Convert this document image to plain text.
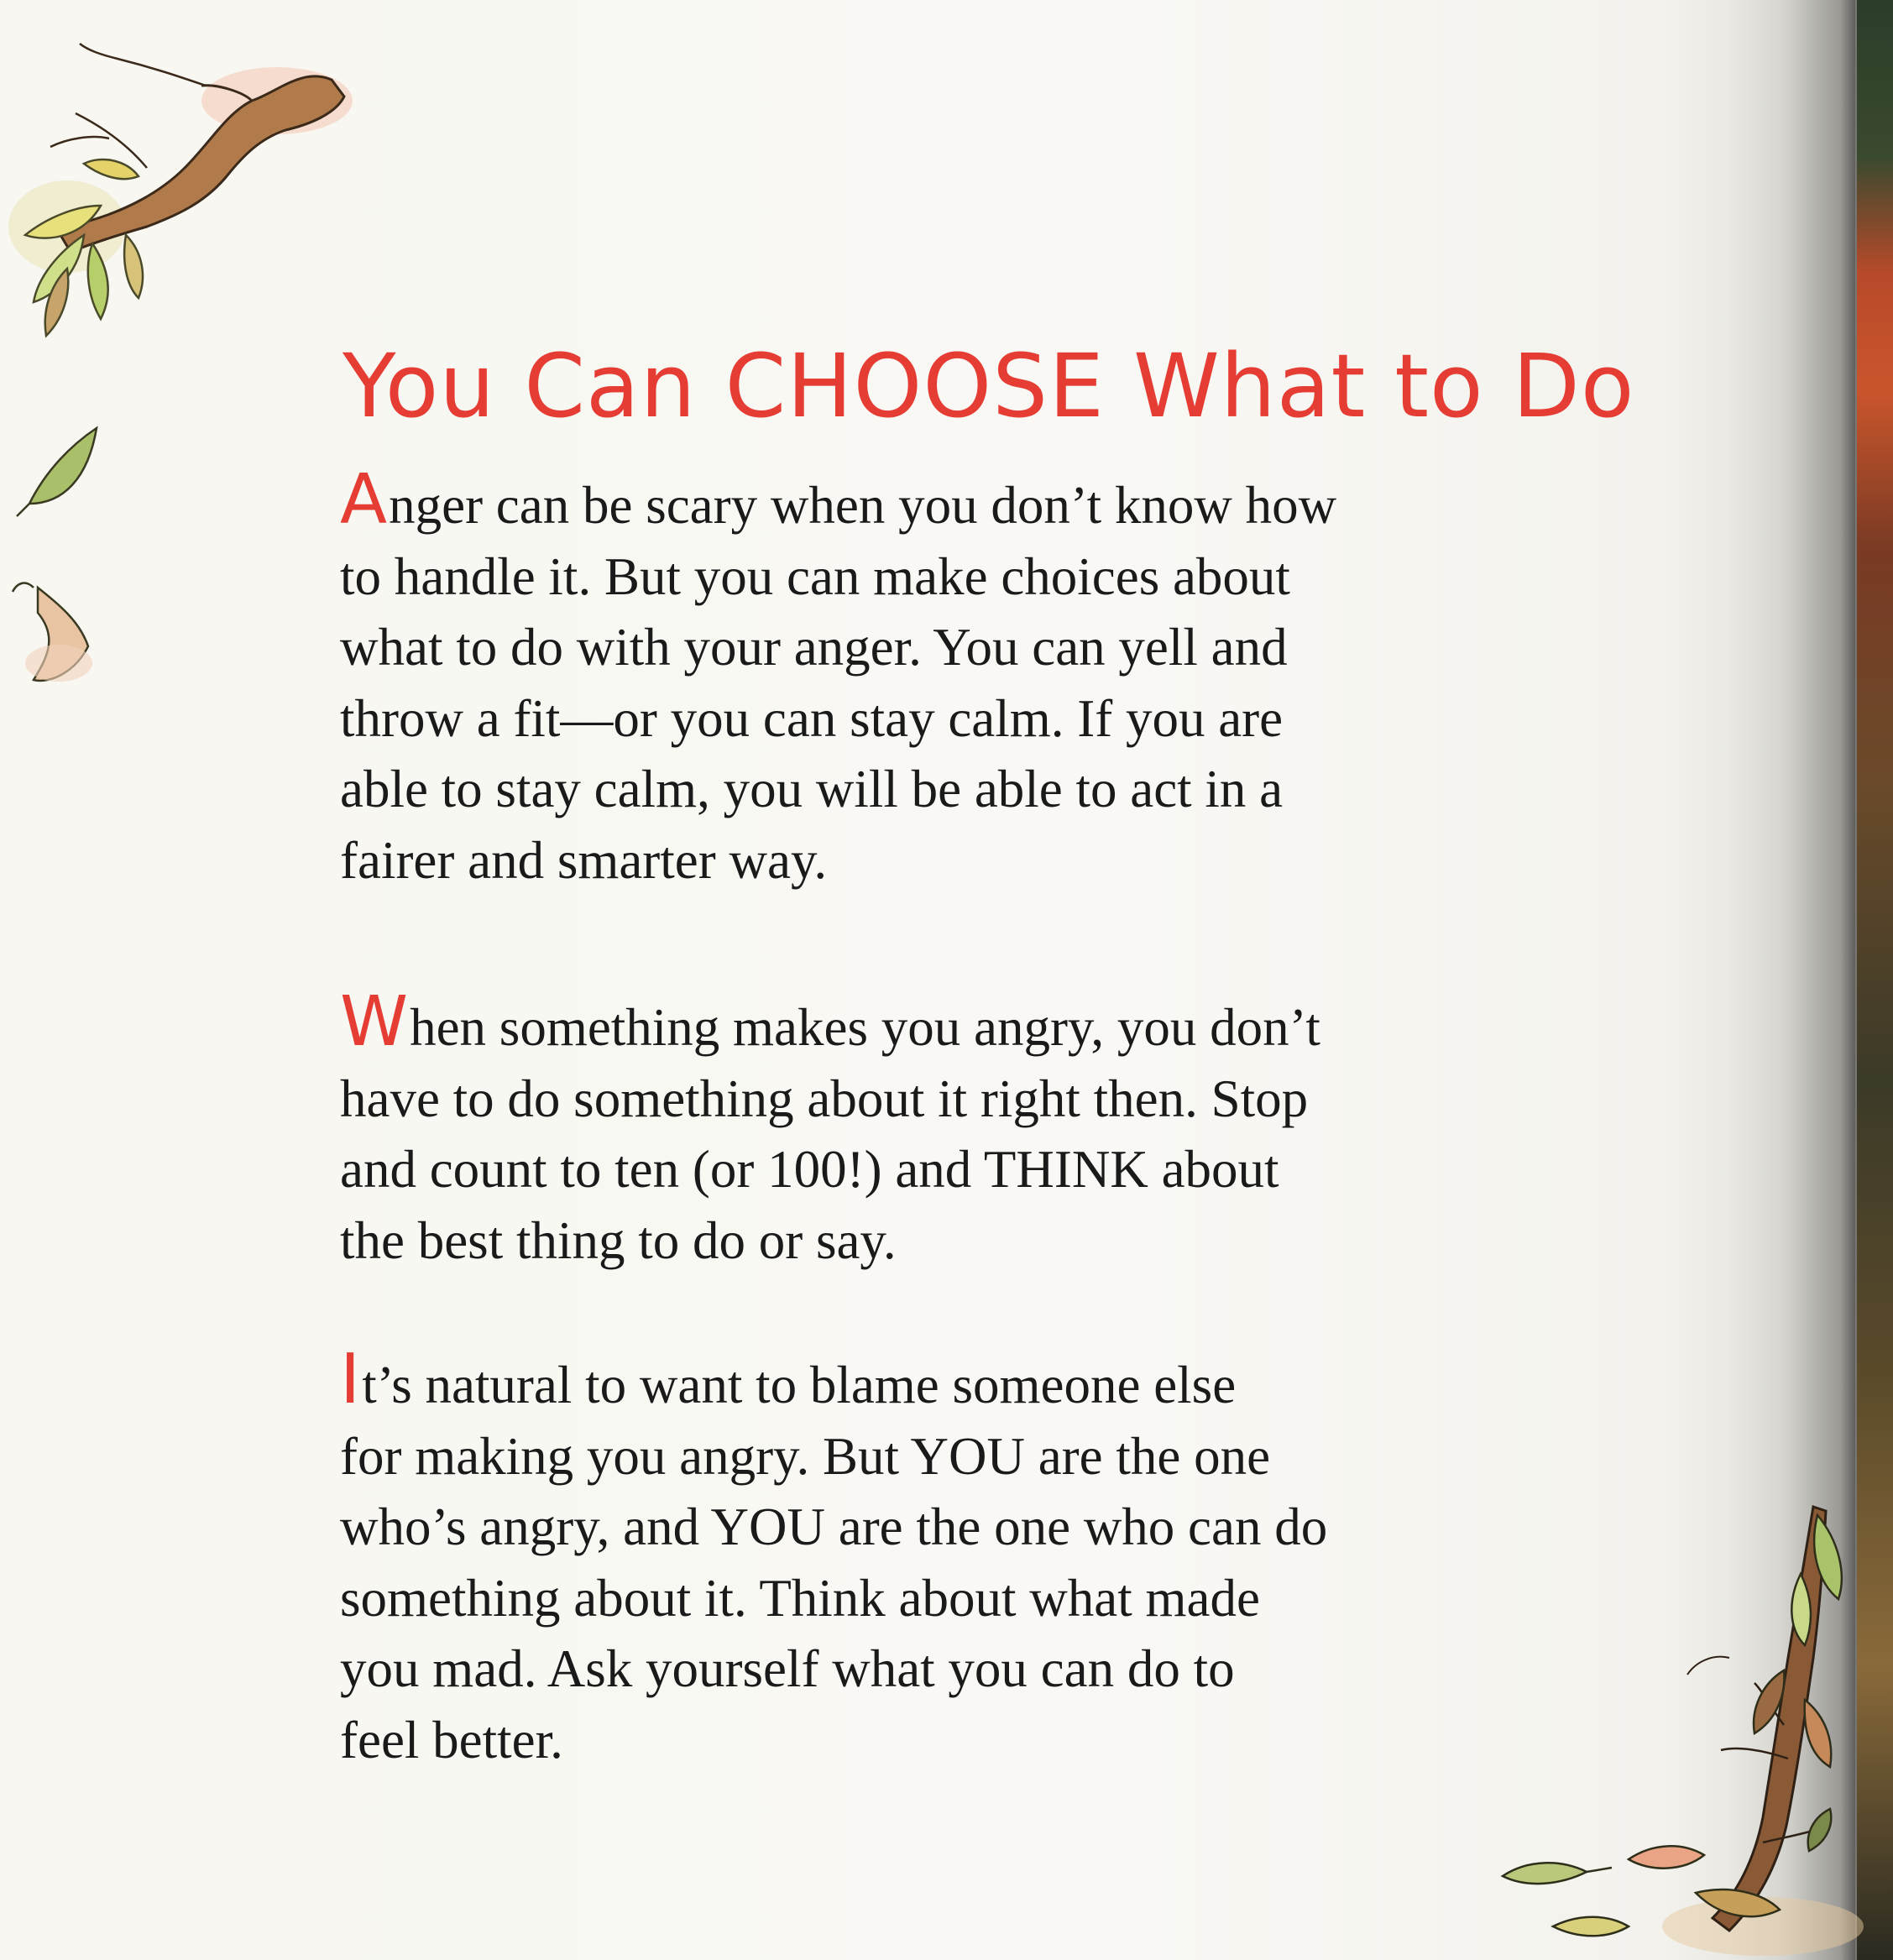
You Can CHOOSE What to Do
Anger can be scary when you don’t know how
to handle it. But you can make choices about
what to do with your anger. You can yell and
throw a fit—or you can stay calm. If you are
able to stay calm, you will be able to act in a
fairer and smarter way.
When something makes you angry, you don’t
have to do something about it right then. Stop
and count to ten (or 100!) and THINK about
the best thing to do or say.
It’s natural to want to blame someone else
for making you angry. But YOU are the one
who’s angry, and YOU are the one who can do
something about it. Think about what made
you mad. Ask yourself what you can do to
feel better.
